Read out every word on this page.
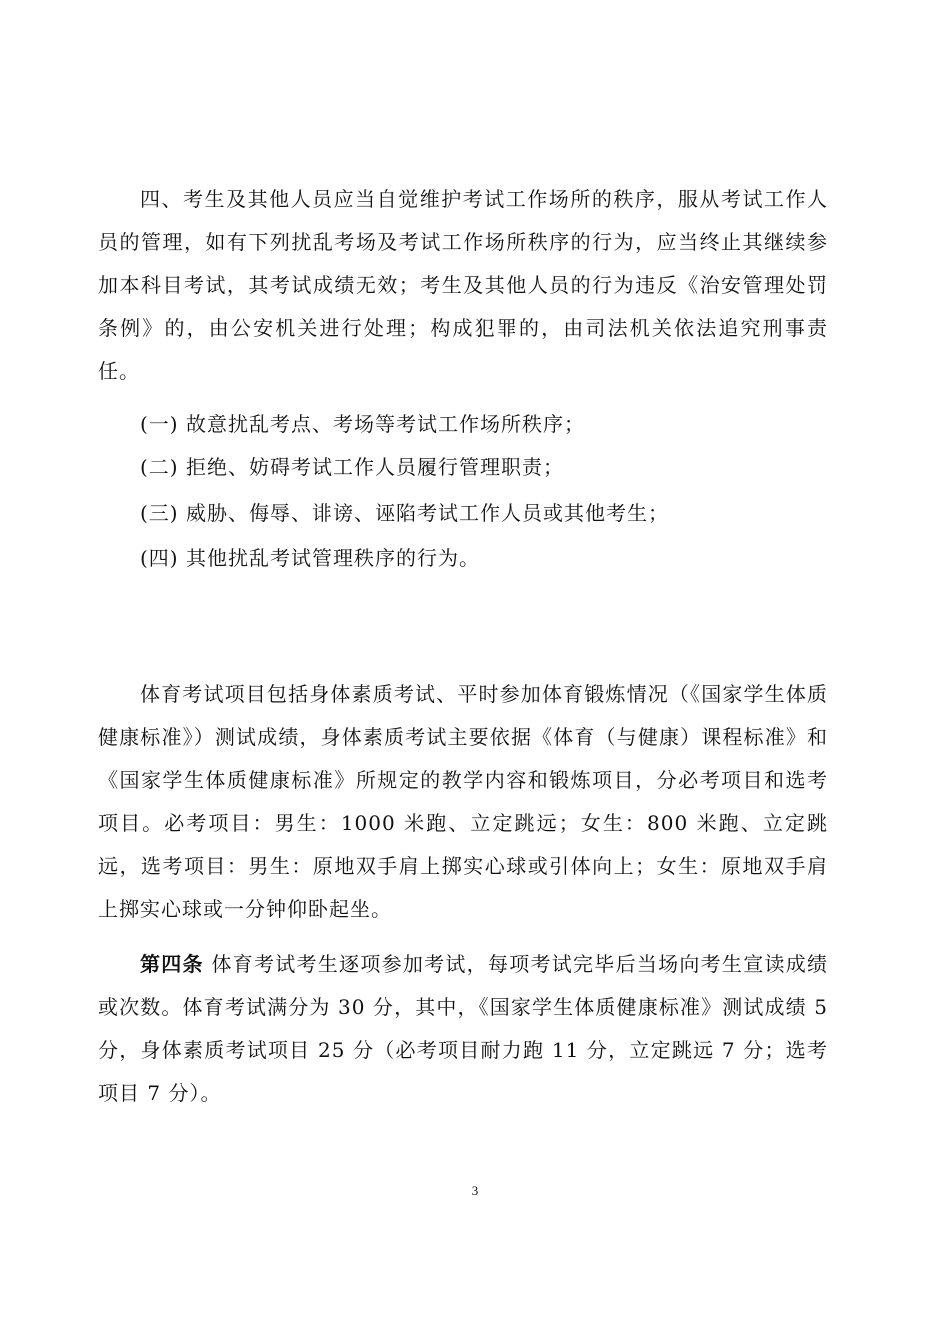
四、考生及其他人员应当自觉维护考试工作场所的秩序，服从考试工作人员的管理，如有下列扰乱考场及考试工作场所秩序的行为，应当终止其继续参加本科目考试，其考试成绩无效；考生及其他人员的行为违反《治安管理处罚条例》的，由公安机关进行处理；构成犯罪的，由司法机关依法追究刑事责任。

(一) 故意扰乱考点、考场等考试工作场所秩序；

(二) 拒绝、妨碍考试工作人员履行管理职责；

(三) 威胁、侮辱、诽谤、诬陷考试工作人员或其他考生；

(四) 其他扰乱考试管理秩序的行为。

体育考试项目包括身体素质考试、平时参加体育锻炼情况（《国家学生体质健康标准》）测试成绩，身体素质考试主要依据《体育（与健康）课程标准》和《国家学生体质健康标准》所规定的教学内容和锻炼项目，分必考项目和选考项目。必考项目：男生：1000 米跑、立定跳远；女生：800 米跑、立定跳远，选考项目：男生：原地双手肩上掷实心球或引体向上；女生：原地双手肩上掷实心球或一分钟仰卧起坐。

第四条 体育考试考生逐项参加考试，每项考试完毕后当场向考生宣读成绩或次数。体育考试满分为 30 分，其中，《国家学生体质健康标准》测试成绩 5 分，身体素质考试项目 25 分（必考项目耐力跑 11 分，立定跳远 7 分；选考项目 7 分）。

3
